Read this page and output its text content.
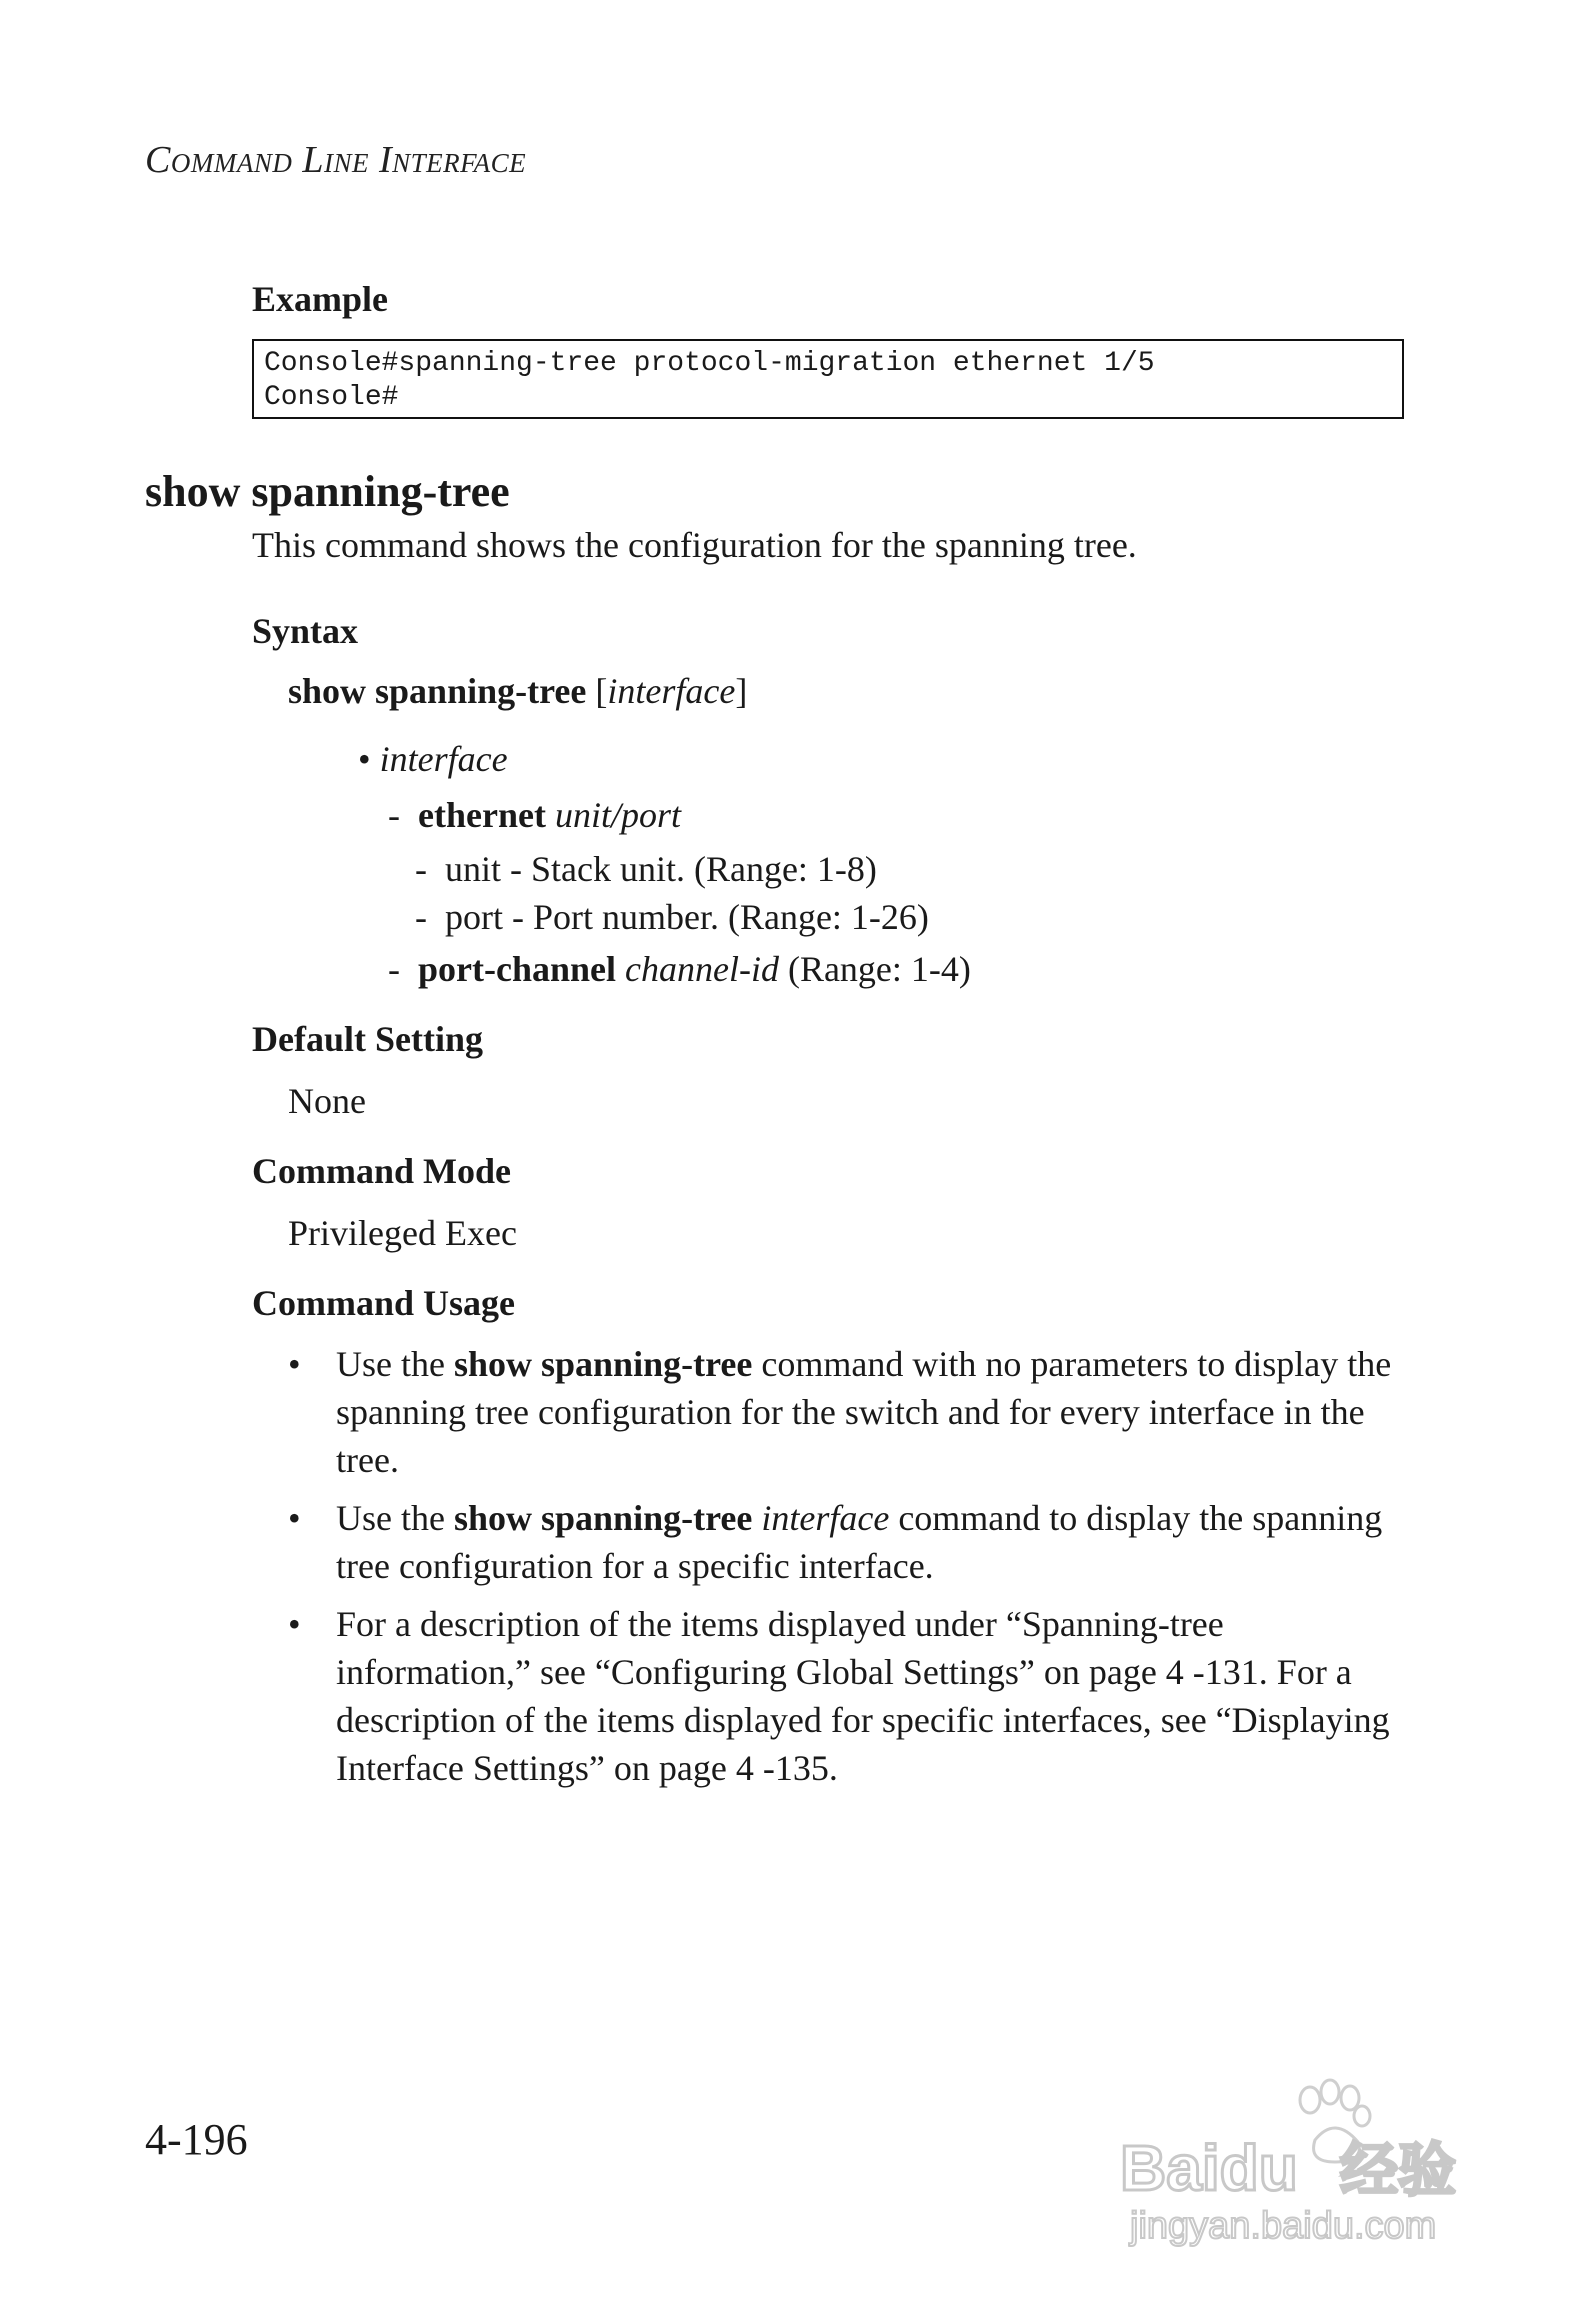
Command Line Interface
Example
Console#spanning-tree protocol-migration ethernet 1/5
Console#
show spanning-tree
This command shows the configuration for the spanning tree.
Syntax
show spanning-tree [interface]
• interface
- ethernet unit/port
- unit - Stack unit. (Range: 1-8)
- port - Port number. (Range: 1-26)
- port-channel channel-id (Range: 1-4)
Default Setting
None
Command Mode
Privileged Exec
Command Usage
• Use the show spanning-tree command with no parameters to display the spanning tree configuration for the switch and for every interface in the tree.
• Use the show spanning-tree interface command to display the spanning tree configuration for a specific interface.
• For a description of the items displayed under “Spanning-tree information,” see “Configuring Global Settings” on page 4 -131. For a description of the items displayed for specific interfaces, see “Displaying Interface Settings” on page 4 -135.
4-196	Baidu 经验
jingyan.baidu.com
